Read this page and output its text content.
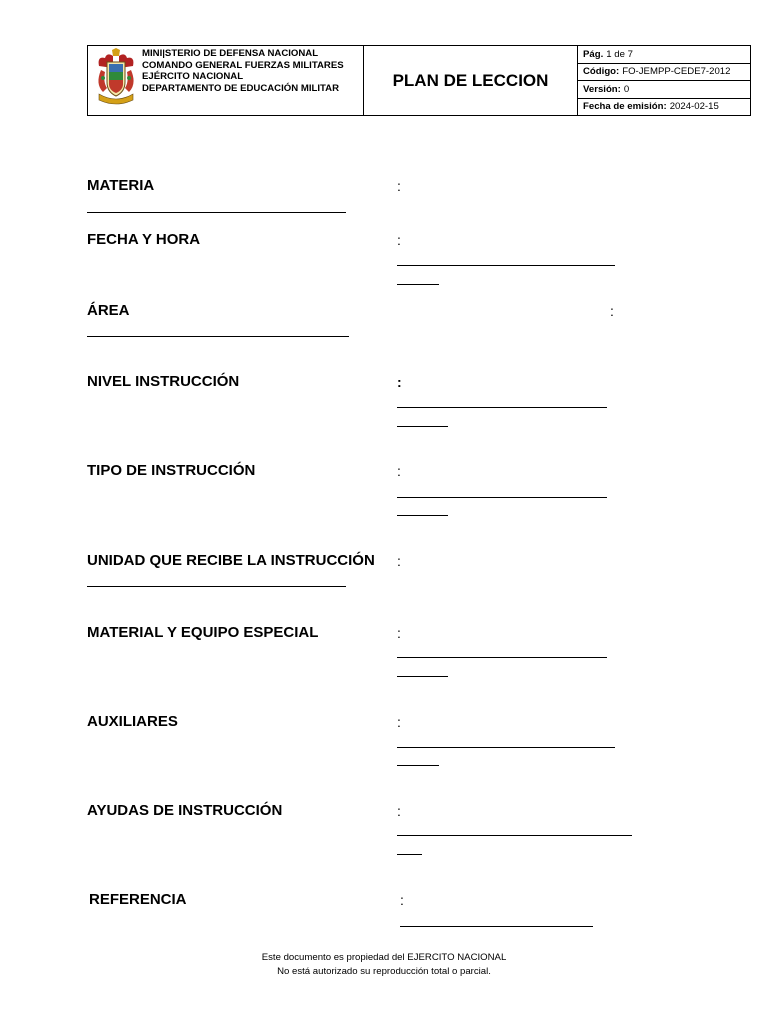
MINI|STERIO DE DEFENSA NACIONAL
COMANDO GENERAL FUERZAS MILITARES
EJÉRCITO NACIONAL
DEPARTAMENTO DE EDUCACIÓN MILITAR	PLAN DE LECCION
Pág. 1 de 7
Código: FO-JEMPP-CEDE7-2012
Versión: 0
Fecha de emisión: 2024-02-15
MATERIA	:
FECHA Y HORA	:
ÁREA	:
NIVEL INSTRUCCIÓN	:
TIPO DE INSTRUCCIÓN	:
UNIDAD QUE RECIBE LA INSTRUCCIÓN :
MATERIAL Y EQUIPO ESPECIAL	:
AUXILIARES	:
AYUDAS DE INSTRUCCIÓN	:
REFERENCIA	:
Este documento es propiedad del EJERCITO NACIONAL
No está autorizado su reproducción total o parcial.
